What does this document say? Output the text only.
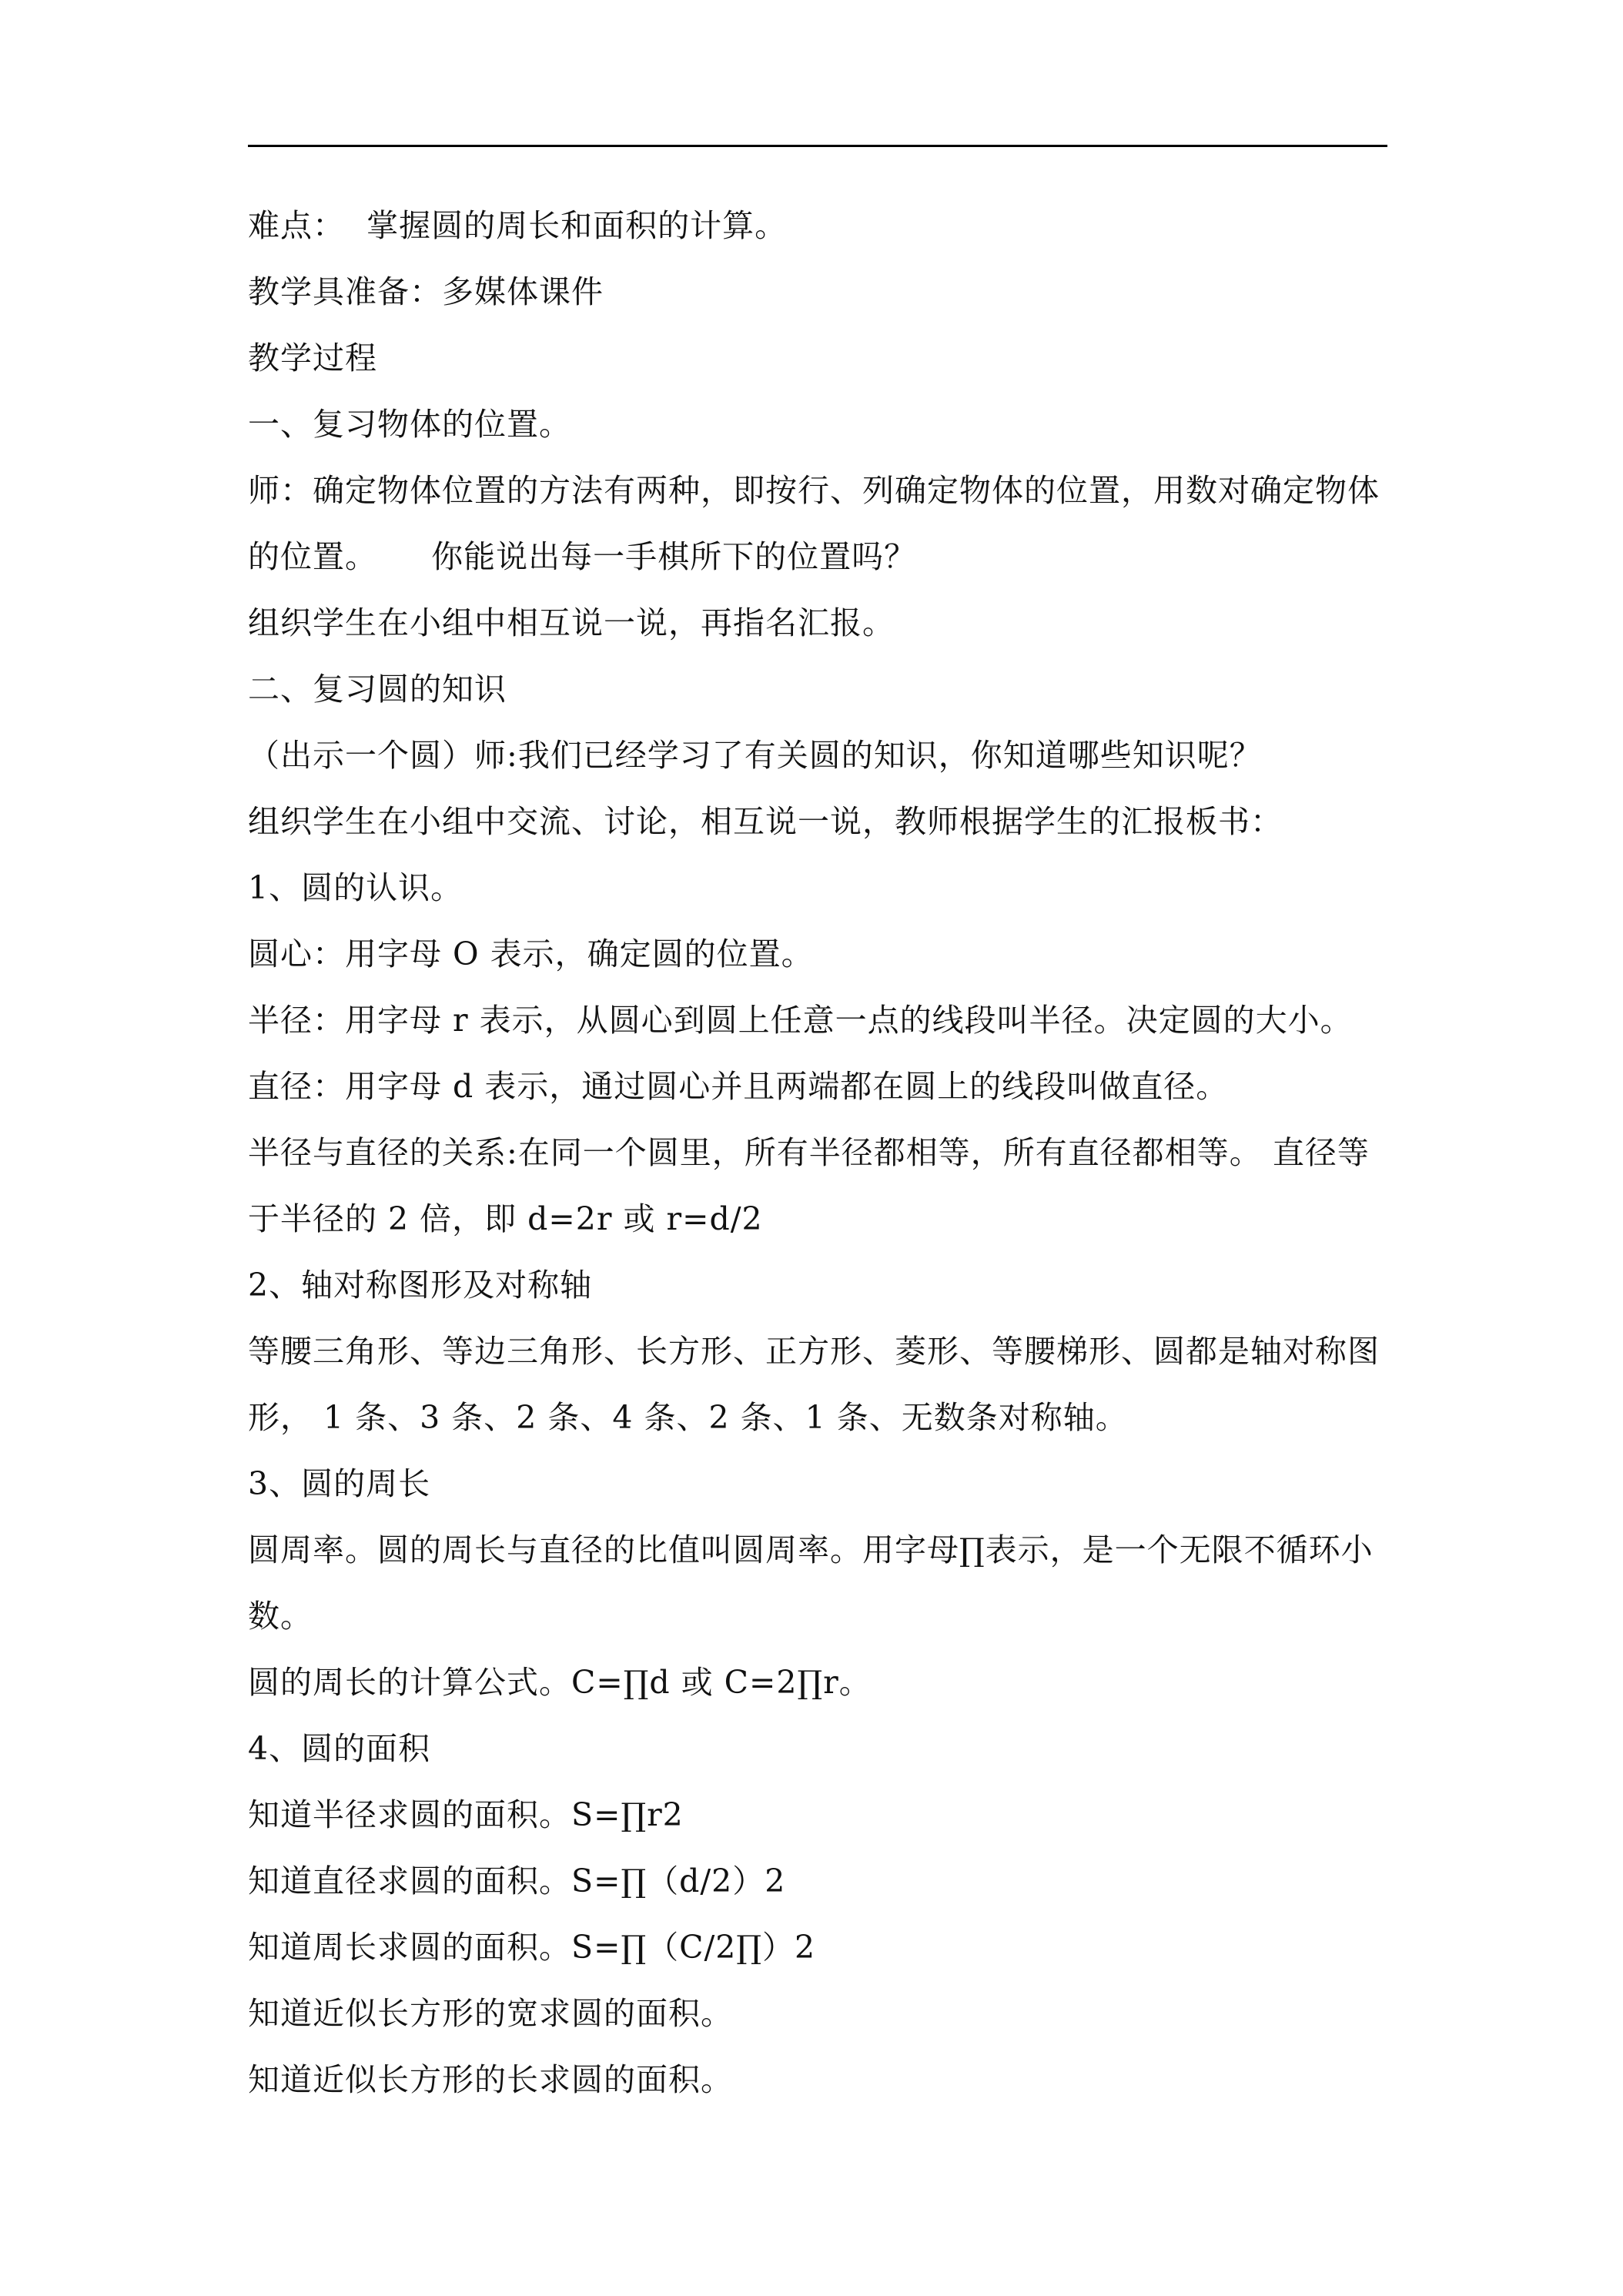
难点：  掌握圆的周长和面积的计算。

教学具准备：多媒体课件

教学过程

一、复习物体的位置。

师：确定物体位置的方法有两种，即按行、列确定物体的位置，用数对确定物体的位置。     你能说出每一手棋所下的位置吗？

组织学生在小组中相互说一说，再指名汇报。

二、复习圆的知识

（出示一个圆）师:我们已经学习了有关圆的知识，你知道哪些知识呢？

组织学生在小组中交流、讨论，相互说一说，教师根据学生的汇报板书：

1、圆的认识。

圆心：用字母 O 表示，确定圆的位置。

半径：用字母 r 表示，从圆心到圆上任意一点的线段叫半径。决定圆的大小。

直径：用字母 d 表示，通过圆心并且两端都在圆上的线段叫做直径。

半径与直径的关系:在同一个圆里，所有半径都相等，所有直径都相等。 直径等于半径的 2 倍，即 d=2r 或 r=d/2

2、轴对称图形及对称轴

等腰三角形、等边三角形、长方形、正方形、菱形、等腰梯形、圆都是轴对称图形， 1 条、3 条、2 条、4 条、2 条、1 条、无数条对称轴。

3、圆的周长

圆周率。圆的周长与直径的比值叫圆周率。用字母∏表示，是一个无限不循环小数。

圆的周长的计算公式。C=∏d 或 C=2∏r。

4、圆的面积

知道半径求圆的面积。S=∏r2

知道直径求圆的面积。S=∏（d/2）2

知道周长求圆的面积。S=∏（C/2∏）2

知道近似长方形的宽求圆的面积。

知道近似长方形的长求圆的面积。
